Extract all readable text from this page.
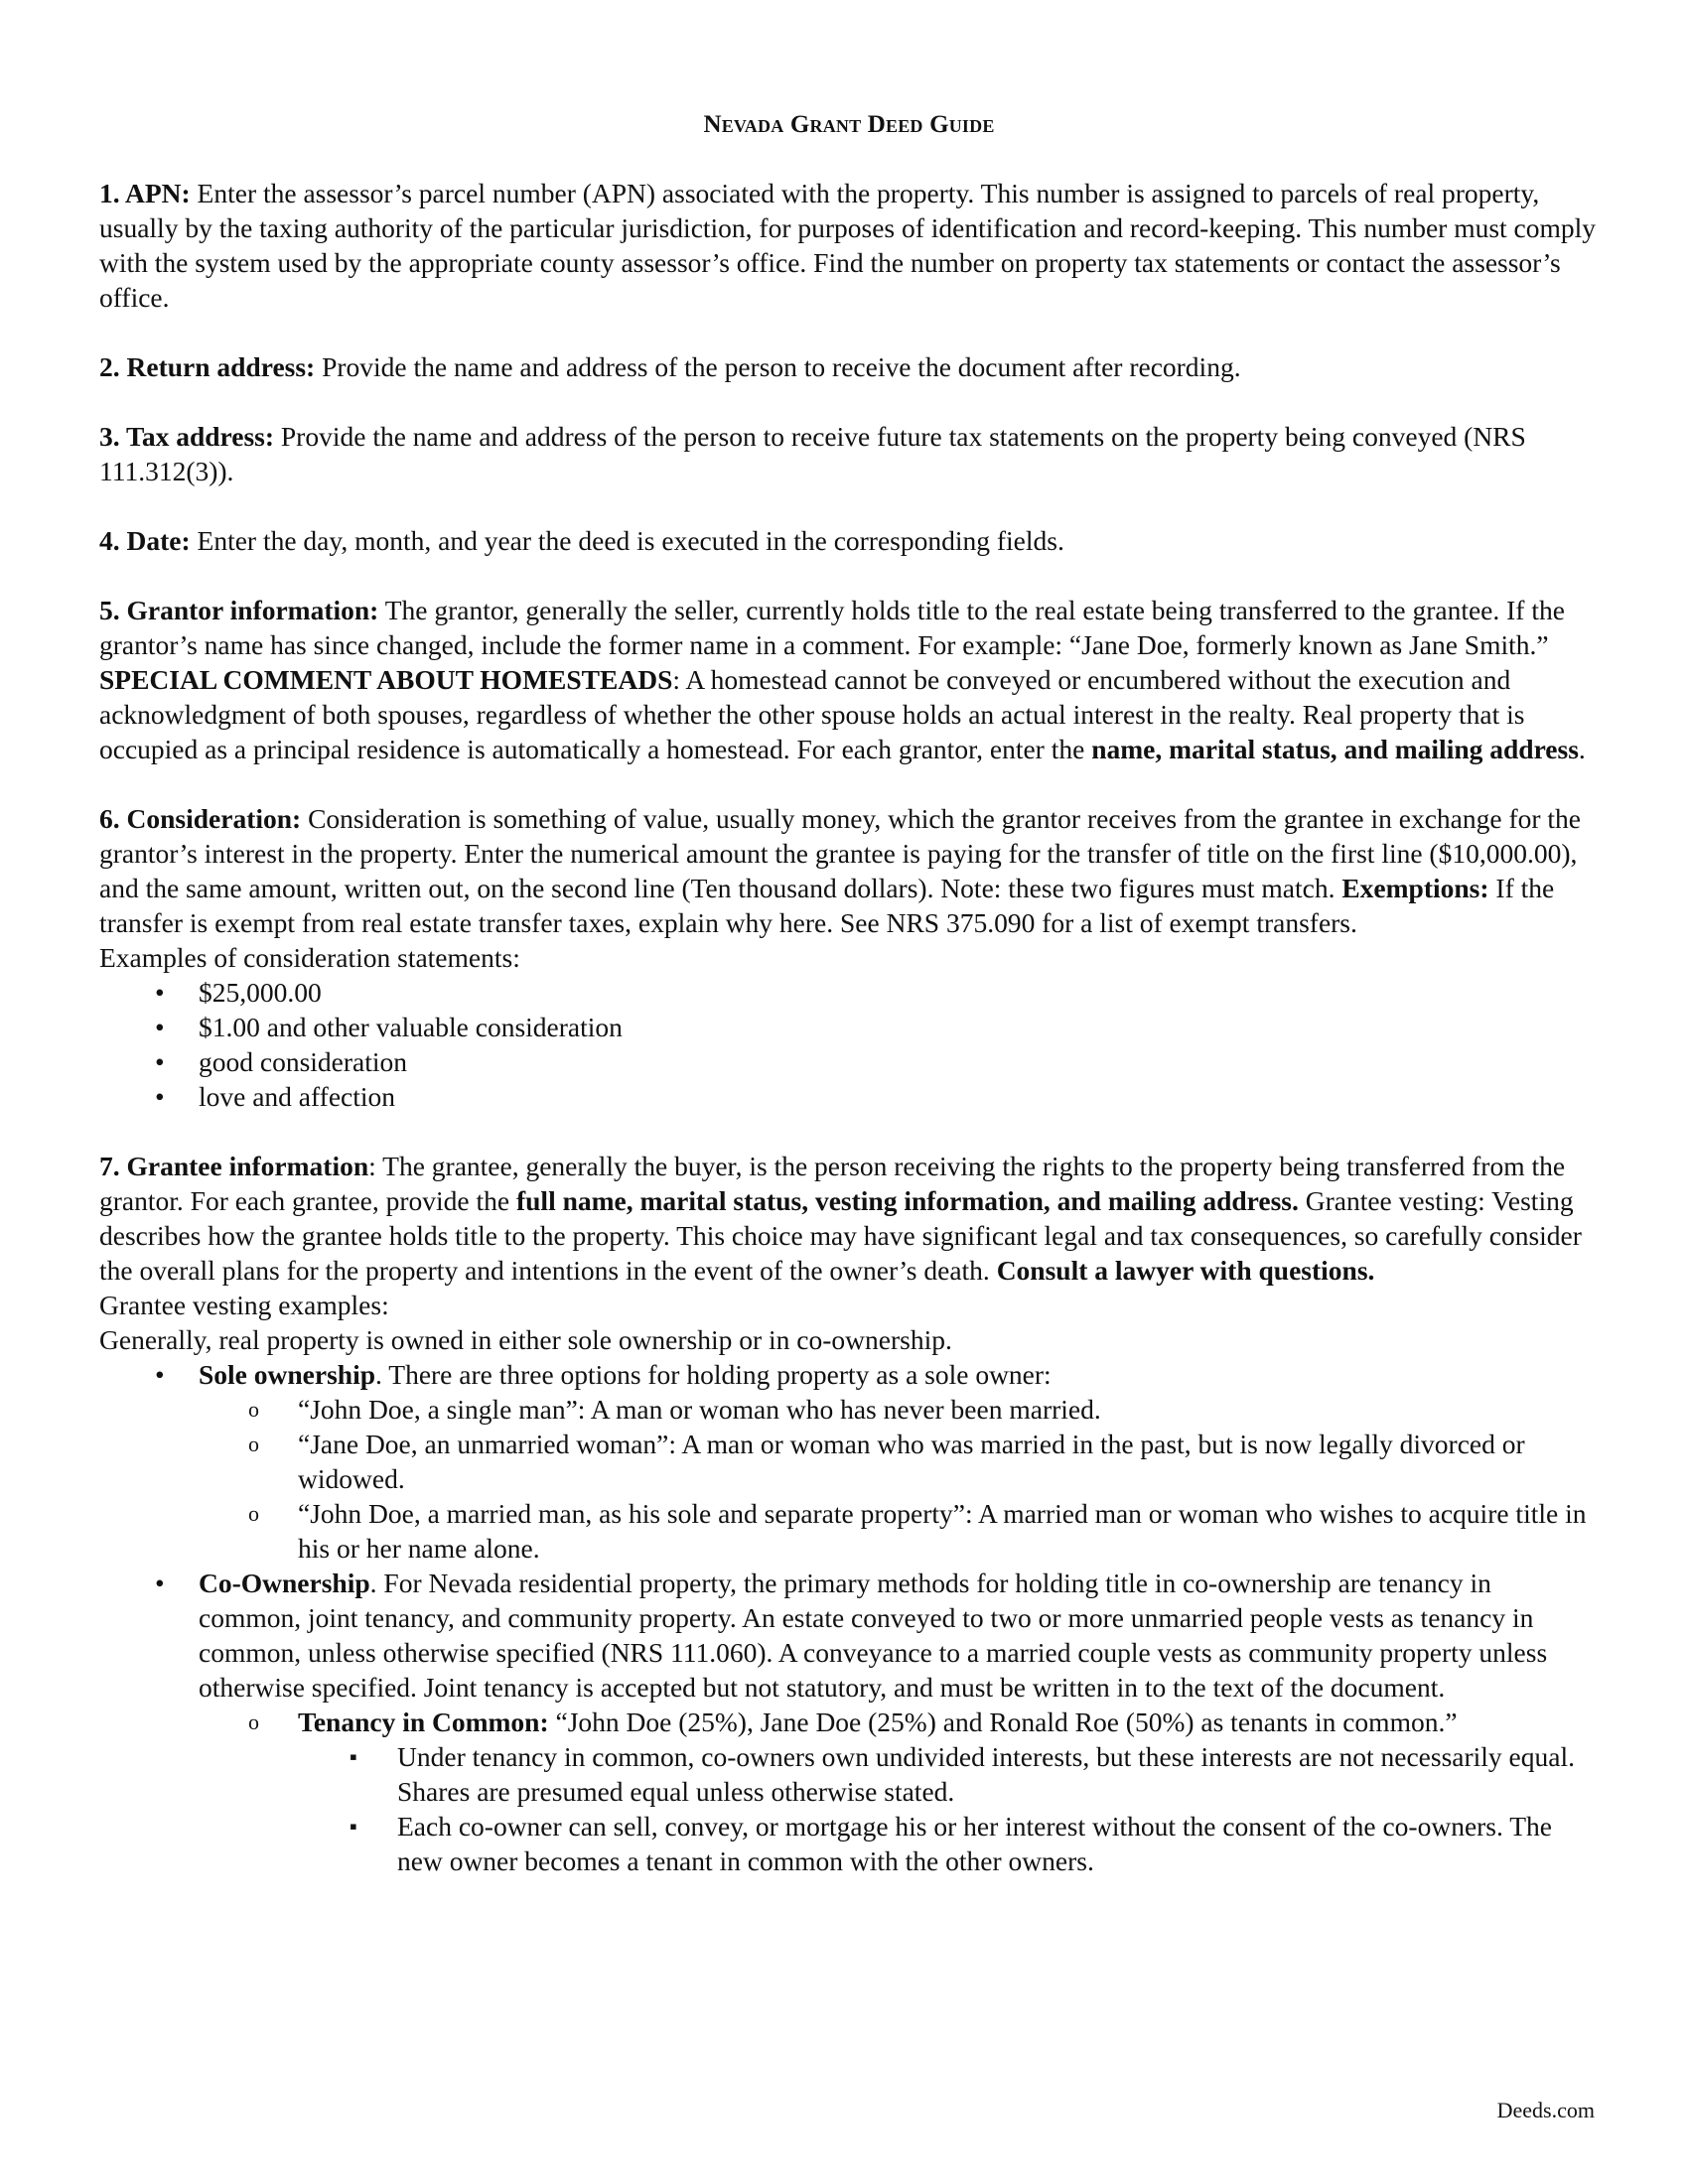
Nevada Grant Deed Guide
1. APN: Enter the assessor’s parcel number (APN) associated with the property. This number is assigned to parcels of real property, usually by the taxing authority of the particular jurisdiction, for purposes of identification and record-keeping. This number must comply with the system used by the appropriate county assessor’s office. Find the number on property tax statements or contact the assessor’s office.
2. Return address: Provide the name and address of the person to receive the document after recording.
3. Tax address: Provide the name and address of the person to receive future tax statements on the property being conveyed (NRS 111.312(3)).
4. Date: Enter the day, month, and year the deed is executed in the corresponding fields.
5. Grantor information: The grantor, generally the seller, currently holds title to the real estate being transferred to the grantee. If the grantor’s name has since changed, include the former name in a comment. For example: “Jane Doe, formerly known as Jane Smith.” SPECIAL COMMENT ABOUT HOMESTEADS: A homestead cannot be conveyed or encumbered without the execution and acknowledgment of both spouses, regardless of whether the other spouse holds an actual interest in the realty. Real property that is occupied as a principal residence is automatically a homestead. For each grantor, enter the name, marital status, and mailing address.
6. Consideration: Consideration is something of value, usually money, which the grantor receives from the grantee in exchange for the grantor’s interest in the property. Enter the numerical amount the grantee is paying for the transfer of title on the first line ($10,000.00), and the same amount, written out, on the second line (Ten thousand dollars). Note: these two figures must match. Exemptions: If the transfer is exempt from real estate transfer taxes, explain why here. See NRS 375.090 for a list of exempt transfers.
Examples of consideration statements:
• $25,000.00
• $1.00 and other valuable consideration
• good consideration
• love and affection
7. Grantee information: The grantee, generally the buyer, is the person receiving the rights to the property being transferred from the grantor. For each grantee, provide the full name, marital status, vesting information, and mailing address. Grantee vesting: Vesting describes how the grantee holds title to the property. This choice may have significant legal and tax consequences, so carefully consider the overall plans for the property and intentions in the event of the owner’s death. Consult a lawyer with questions.
Grantee vesting examples:
Generally, real property is owned in either sole ownership or in co-ownership.
• Sole ownership. There are three options for holding property as a sole owner:
o “John Doe, a single man”: A man or woman who has never been married.
o “Jane Doe, an unmarried woman”: A man or woman who was married in the past, but is now legally divorced or widowed.
o “John Doe, a married man, as his sole and separate property”: A married man or woman who wishes to acquire title in his or her name alone.
• Co-Ownership. For Nevada residential property, the primary methods for holding title in co-ownership are tenancy in common, joint tenancy, and community property. An estate conveyed to two or more unmarried people vests as tenancy in common, unless otherwise specified (NRS 111.060). A conveyance to a married couple vests as community property unless otherwise specified. Joint tenancy is accepted but not statutory, and must be written in to the text of the document.
o Tenancy in Common: “John Doe (25%), Jane Doe (25%) and Ronald Roe (50%) as tenants in common.”
▪ Under tenancy in common, co-owners own undivided interests, but these interests are not necessarily equal. Shares are presumed equal unless otherwise stated.
▪ Each co-owner can sell, convey, or mortgage his or her interest without the consent of the co-owners. The new owner becomes a tenant in common with the other owners.
Deeds.com
